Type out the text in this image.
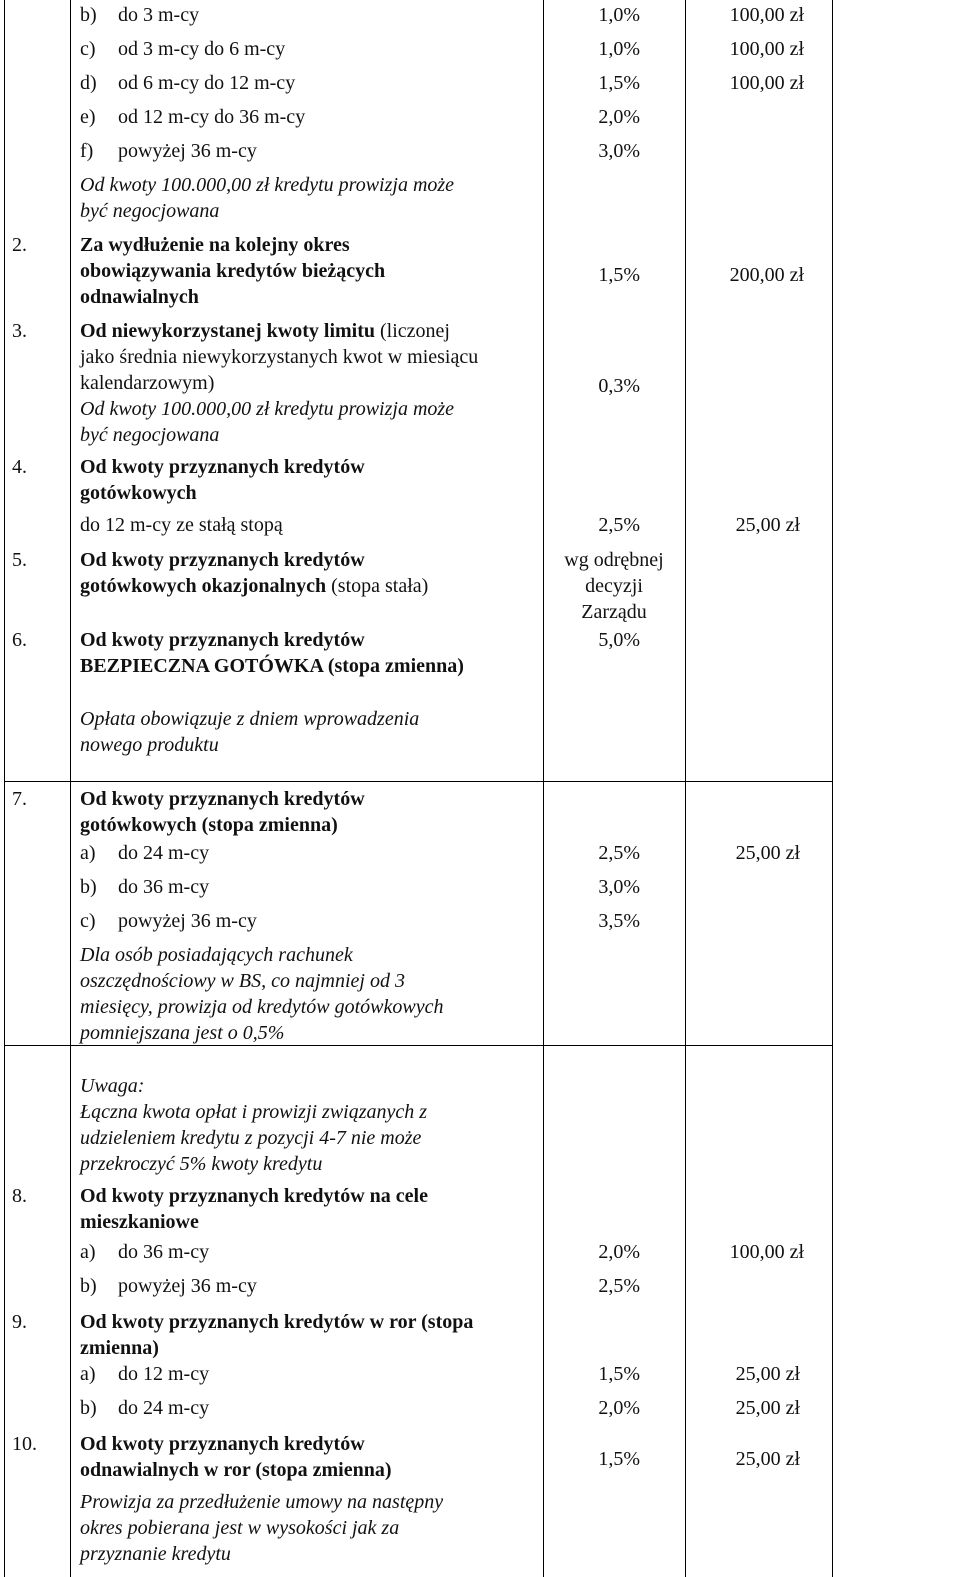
b) do 3 m-cy	1,0%	100,00 zł
c) od 3 m-cy do 6 m-cy	1,0%	100,00 zł
d) od 6 m-cy do 12 m-cy	1,5%	100,00 zł
e) od 12 m-cy do 36 m-cy	2,0%
f) powyżej 36 m-cy	3,0%
Od kwoty 100.000,00 zł kredytu prowizja może
być negocjowana
2.	Za wydłużenie na kolejny okres
obowiązywania kredytów bieżących
odnawialnych
1,5%	200,00 zł
3.	Od niewykorzystanej kwoty limitu (liczonej
jako średnia niewykorzystanych kwot w miesiącu
kalendarzowym)
Od kwoty 100.000,00 zł kredytu prowizja może
być negocjowana
0,3%
4.	Od kwoty przyznanych kredytów
gotówkowych
do 12 m-cy ze stałą stopą	2,5%	25,00 zł
5.	Od kwoty przyznanych kredytów
gotówkowych okazjonalnych (stopa stała)
wg odrębnej
decyzji
Zarządu
6.	Od kwoty przyznanych kredytów
BEZPIECZNA GOTÓWKA (stopa zmienna)
5,0%
Opłata obowiązuje z dniem wprowadzenia
nowego produktu
7.	Od kwoty przyznanych kredytów
gotówkowych (stopa zmienna)
a) do 24 m-cy	2,5%	25,00 zł
b) do 36 m-cy	3,0%
c) powyżej 36 m-cy	3,5%
Dla osób posiadających rachunek
oszczędnościowy w BS, co najmniej od 3
miesięcy, prowizja od kredytów gotówkowych
pomniejszana jest o 0,5%
Uwaga:
Łączna kwota opłat i prowizji związanych z
udzieleniem kredytu z pozycji 4-7 nie może
przekroczyć 5% kwoty kredytu
8.	Od kwoty przyznanych kredytów na cele
mieszkaniowe
a) do 36 m-cy	2,0%	100,00 zł
b) powyżej 36 m-cy	2,5%
9.	Od kwoty przyznanych kredytów w ror (stopa
zmienna)
a) do 12 m-cy	1,5%	25,00 zł
b) do 24 m-cy	2,0%	25,00 zł
10. Od kwoty przyznanych kredytów
odnawialnych w ror (stopa zmienna)	1,5%	25,00 zł
Prowizja za przedłużenie umowy na następny
okres pobierana jest w wysokości jak za
przyznanie kredytu
